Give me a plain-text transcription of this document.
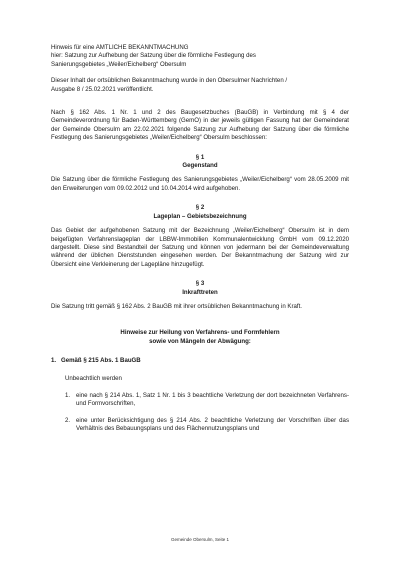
Hinweis für eine AMTLICHE BEKANNTMACHUNG

hier: Satzung zur Aufhebung der Satzung über die förmliche Festlegung des

Sanierungsgebietes „Weiler/Eichelberg“ Obersulm

Dieser Inhalt der ortsüblichen Bekanntmachung wurde in den Obersulmer Nachrichten /

Ausgabe 8 / 25.02.2021 veröffentlicht.

Nach § 162 Abs. 1 Nr. 1 und 2 des Baugesetzbuches (BauGB) in Verbindung mit § 4 der Gemeindeverordnung für Baden-Württemberg (GemO) in der jeweils gültigen Fassung hat der Gemeinderat der Gemeinde Obersulm am 22.02.2021 folgende Satzung zur Aufhebung der Satzung über die förmliche Festlegung des Sanierungsgebietes „Weiler/Eichelberg“ Obersulm beschlossen:

§ 1
Gegenstand

Die Satzung über die förmliche Festlegung des Sanierungsgebietes „Weiler/Eichelberg“ vom 28.05.2009 mit den Erweiterungen vom 09.02.2012 und 10.04.2014 wird aufgehoben.

§ 2
Lageplan – Gebietsbezeichnung

Das Gebiet der aufgehobenen Satzung mit der Bezeichnung „Weiler/Eichelberg“ Obersulm ist in dem beigefügten Verfahrenslageplan der LBBW-Immobilien Kommunalentwicklung GmbH vom 09.12.2020 dargestellt. Diese sind Bestandteil der Satzung und können von jedermann bei der Gemeindeverwaltung während der üblichen Dienststunden eingesehen werden. Der Bekanntmachung der Satzung wird zur Übersicht eine Verkleinerung der Lagepläne hinzugefügt.

§ 3
Inkrafttreten

Die Satzung tritt gemäß § 162 Abs. 2 BauGB mit ihrer ortsüblichen Bekanntmachung in Kraft.

Hinweise zur Heilung von Verfahrens- und Formfehlern
sowie von Mängeln der Abwägung:
1. Gemäß § 215 Abs. 1 BauGB

Unbeachtlich werden

1. eine nach § 214 Abs. 1, Satz 1 Nr. 1 bis 3 beachtliche Verletzung der dort bezeichneten Verfahrens- und Formvorschriften,
2. eine unter Berücksichtigung des § 214 Abs. 2 beachtliche Verletzung der Vorschriften über das Verhältnis des Bebauungsplans und des Flächennutzungsplans und
Gemeinde Obersulm, Seite 1
